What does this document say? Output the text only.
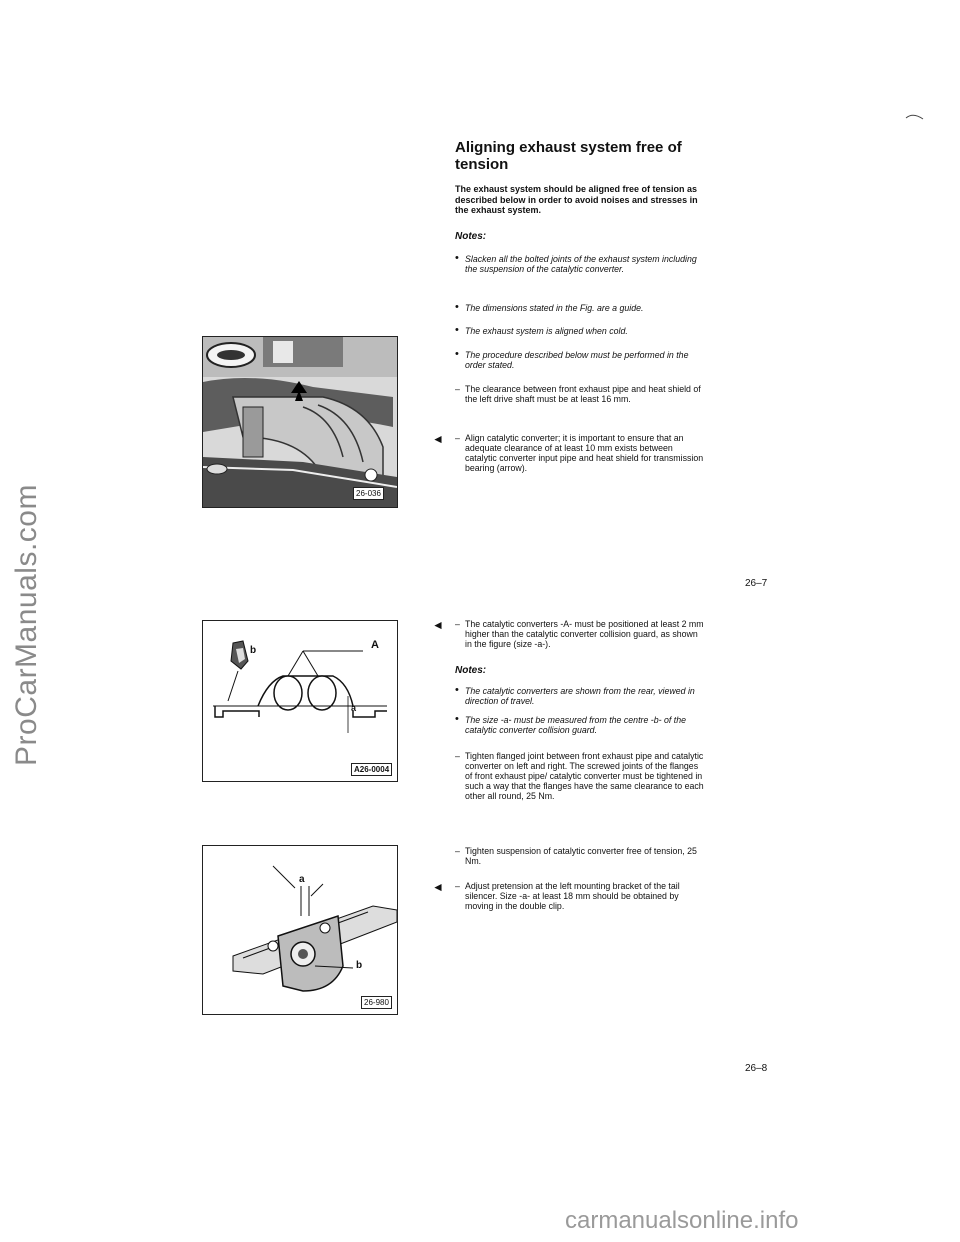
ProCarManuals.com
carmanualsonline.info
Aligning exhaust system free of tension
The exhaust system should be aligned free of tension as described below in order to avoid noises and stresses in the exhaust system.
Notes:
• Slacken all the bolted joints of the exhaust system including the suspension of the catalytic converter.
• The dimensions stated in the Fig. are a guide.
• The exhaust system is aligned when cold.
• The procedure described below must be performed in the order stated.
– The clearance between front exhaust pipe and heat shield of the left drive shaft must be at least 16 mm.
◄	– Align catalytic converter; it is important to ensure that an adequate clearance of at least 10 mm exists between catalytic converter input pipe and heat shield for transmission bearing (arrow).
26–7
◄	– The catalytic converters -A- must be positioned at least 2 mm higher than the catalytic converter collision guard, as shown in the figure (size -a-).
Notes:
• The catalytic converters are shown from the rear, viewed in direction of travel.
• The size -a- must be measured from the centre -b- of the catalytic converter collision guard.
– Tighten flanged joint between front exhaust pipe and catalytic converter on left and right. The screwed joints of the flanges of front exhaust pipe/ catalytic converter must be tightened in such a way that the flanges have the same clearance to each other all round, 25 Nm.
– Tighten suspension of catalytic converter free of tension, 25 Nm.
◄	– Adjust pretension at the left mounting bracket of the tail silencer. Size -a- at least 18 mm should be obtained by moving in the double clip.
26–8
26-036
A
b
a
A26-0004
a
b
26-980
